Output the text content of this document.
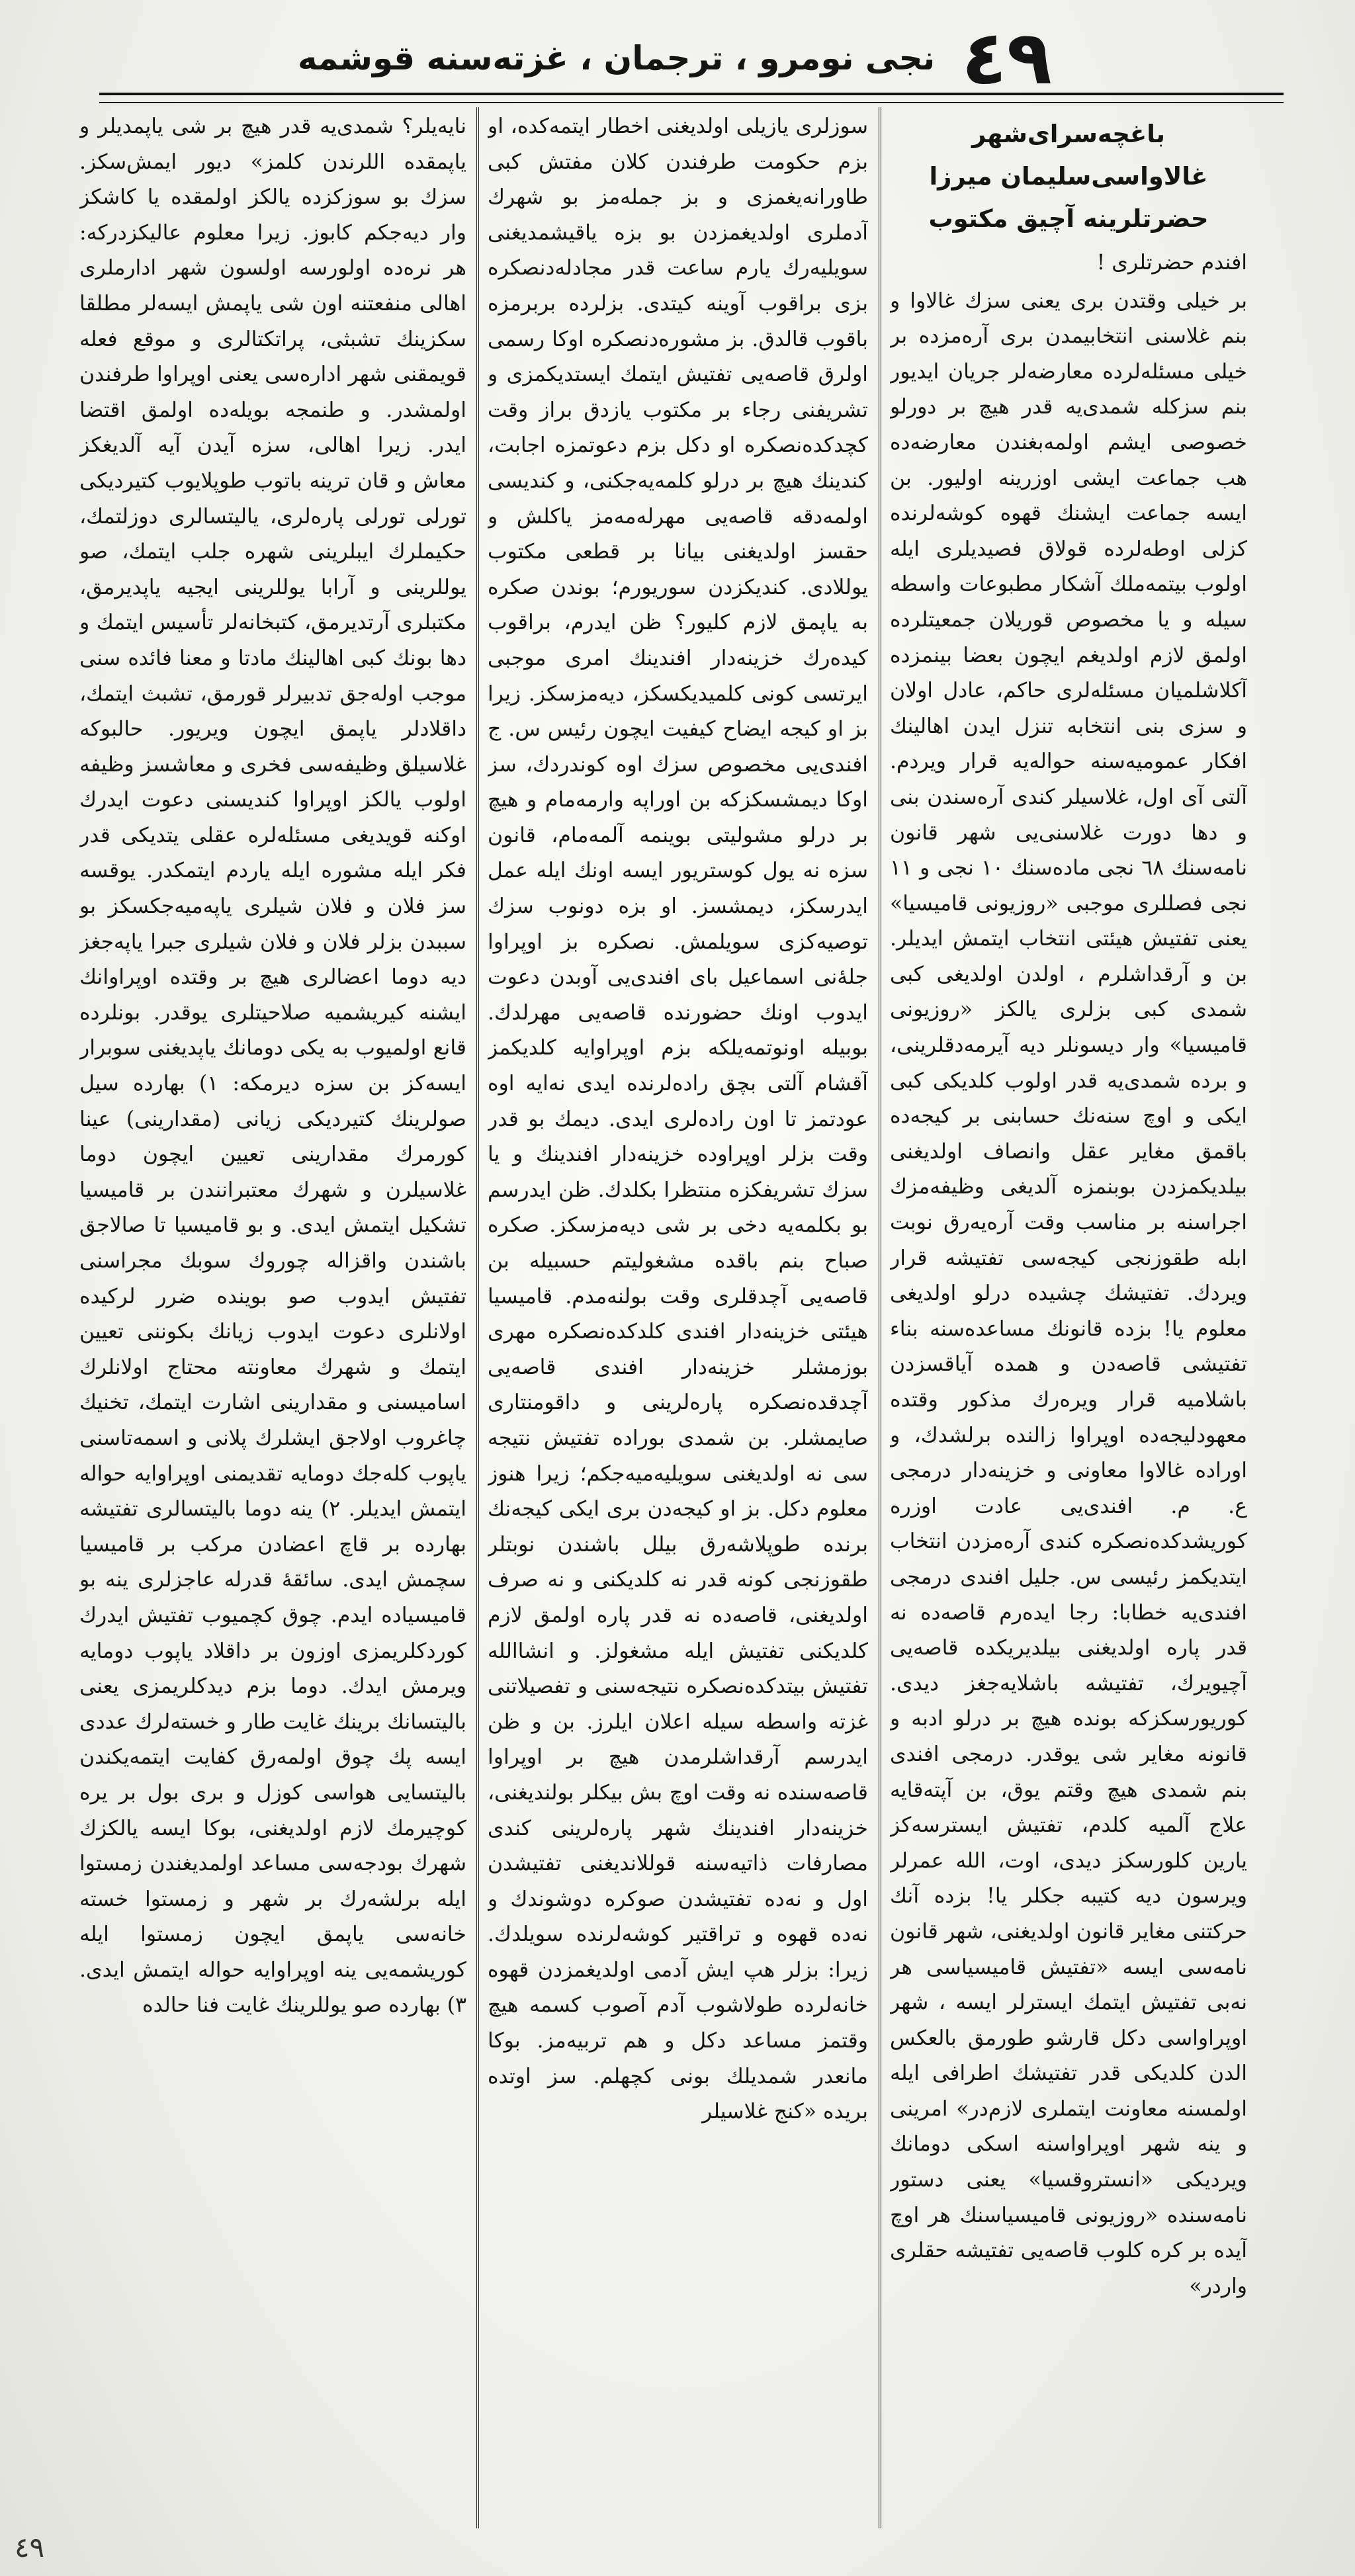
٤٩
نجی نومرو ، ترجمان ، غزته‌سنه قوشمه
باغچه‌سرای‌شهر غالاواسی‌سلیمان میرزا حضرتلرینه آچیق مکتوب
افندم حضرتلری !

بر خیلی وقتدن بری یعنی سزك غالاوا و بنم غلاسنی انتخابیمدن بری آره‌مزده بر خیلی مسئله‌لرده معارضه‌لر جریان ایدیور بنم سزکله شمدی‌یه قدر هیچ بر دورلو خصوصی ایشم اولمه‌بغندن معارضه‌ده هب جماعت ایشی اوزرینه اولیور. بن ایسه جماعت ایشنك قهوه کوشه‌لرنده کزلی اوطه‌لرده قولاق فصیدیلری ایله اولوب بیتمه‌ملك آشکار مطبوعات واسطه سیله و یا مخصوص قوریلان جمعیتلرده اولمق لازم اولدیغم ایچون بعضا بینمزده آکلاشلمیان مسئله‌لری حاکم، عادل اولان و سزی بنی انتخابه تنزل ایدن اهالینك افکار عمومیه‌سنه حواله‌یه قرار ویردم. آلتی آی اول، غلاسیلر کندی آره‌سندن بنی و دها دورت غلاسنی‌یی شهر قانون نامه‌سنك ٦٨ نجی ماده‌سنك ١٠ نجی و ١١ نجی فصللری موجبی «روزیونی قامیسیا» یعنی تفتیش هیئتی انتخاب ایتمش ایدیلر. بن و آرقداشلرم ، اولدن اولدیغی کبی شمدی کبی بزلری یالکز «روزیونی قامیسیا» وار دیسونلر دیه آیرمه‌دقلرینی، و برده شمدی‌یه قدر اولوب کلدیکی کبی ایکی و اوچ سنه‌نك حسابنی بر کیجه‌ده باقمق مغایر عقل وانصاف اولدیغنی بیلدیکمزدن بوبنمزه آلدیغی وظیفه‌مزك اجراسنه بر مناسب وقت آره‌یه‌رق نوبت ابله طقوزنجی کیجه‌سی تفتیشه قرار ویردك. تفتیشك چشیده درلو اولدیغی معلوم یا! بزده قانونك مساعده‌سنه بناء تفتیشی قاصه‌دن و همده آیاقسزدن باشلامیه قرار ویره‌رك مذکور وقتده معهودلیجه‌ده اوپراوا زالنده برلشدك، و اوراده غالاوا معاونی و خزینه‌دار درمجی ع. م. افندی‌یی عادت اوزره کوریشدکده‌نصکره کندی آره‌مزدن انتخاب ایتدیکمز رئیسی س. جلیل افندی درمجی افندی‌یه خطابا: رجا ایده‌رم قاصه‌ده نه قدر پاره اولدیغنی بیلدیریکده قاصه‌یی آچیویرك، تفتیشه باشلایه‌جغز دیدی. کوریورسکزکه بونده هیچ بر درلو ادبه و قانونه مغایر شی یوقدر. درمجی افندی بنم شمدی هیچ وقتم یوق، بن آپته‌قایه علاج آلمیه کلدم، تفتیش ایسترسه‌کز یارین کلورسکز دیدی، اوت، الله عمرلر ویرسون دیه کتیبه جکلر یا! بزده آنك حرکتنی مغایر قانون اولدیغنی، شهر قانون نامه‌سی ایسه «تفتیش قامیسیاسی هر نه‌بی تفتیش ایتمك ایسترلر ایسه ، شهر اوپراواسی دکل قارشو طورمق بالعکس الدن کلدیکی قدر تفتیشك اطرافی ایله اولمسنه معاونت ایتملری لازم‌در» امرینی و ینه شهر اوپراواسنه اسکی دومانك ویردیکی «انستروقسیا» یعنی دستور نامه‌سنده «روزیونی قامیسیاسنك هر اوچ آیده بر کره کلوب قاصه‌یی تفتیشه حقلری واردر»

سوزلری یازیلی اولدیغنی اخطار ایتمه‌کده، او بزم حکومت طرفندن کلان مفتش کبی طاورانه‌یغمزی و بز جمله‌مز بو شهرك آدملری اولدیغمزدن بو بزه یاقیشمدیغنی سویلیه‌رك یارم ساعت قدر مجادله‌دنصکره بزی براقوب آوینه کیتدی. بزلرده بربرمزه باقوب قالدق. بز مشوره‌دنصکره اوکا رسمی اولرق قاصه‌یی تفتیش ایتمك ایستدیکمزی و تشریفنی رجاء بر مکتوب یازدق براز وقت کچدکده‌نصکره او دکل بزم دعوتمزه اجابت، کندینك هیچ بر درلو کلمه‌یه‌جکنی، و کندیسی اولمه‌دقه قاصه‌یی مهرله‌مه‌مز یاکلش و حقسز اولدیغنی بیانا بر قطعی مکتوب یوللادی. کندیکزدن سوریورم؛ بوندن صکره به یاپمق لازم کلیور؟ ظن ایدرم، براقوب کیده‌رك خزینه‌دار افندینك امری موجبی ایرتسی کونی کلمیدیکسکز، دیه‌مزسکز. زیرا بز او کیجه ایضاح کیفیت ایچون رئیس س. ج افندی‌یی مخصوص سزك اوه کوندردك، سز اوکا دیمشسکزکه بن اوراپه وارمه‌مام و هیچ بر درلو مشولیتی بوینمه آلمه‌مام، قانون سزه نه یول کوستریور ایسه اونك ایله عمل ایدرسکز، دیمشسز. او بزه دونوب سزك توصیه‌کزی سویلمش. نصکره بز اوپراوا جلهٔ‌نی اسماعیل بای افندی‌یی آوبدن دعوت ایدوب اونك حضورنده قاصه‌یی مهرلدك. بوبیله اونوتمه‌یلکه بزم اوپراوایه کلدیکمز آقشام آلتی بچق راده‌لرنده ایدی نه‌ایه اوه عودتمز تا اون راده‌لری ایدی. دیمك بو قدر وقت بزلر اوپراوده خزینه‌دار افندینك و یا سزك تشریفکزه منتظرا بکلدك. ظن ایدرسم بو بکلمه‌یه دخی بر شی دیه‌مزسکز. صکره صباح بنم باقده مشغولیتم حسبیله بن قاصه‌یی آچدقلری وقت بولنه‌مدم. قامیسیا هیئتی خزینه‌دار افندی کلدکده‌نصکره مهری بوزمشلر خزینه‌دار افندی قاصه‌یی آچدقده‌نصکره پاره‌لرینی و داقومنتاری صایمشلر. بن شمدی بوراده تفتیش نتیجه سی نه اولدیغنی سویلیه‌میه‌جکم؛ زیرا هنوز معلوم دکل. بز او کیجه‌دن بری ایکی کیجه‌نك برنده طوپلاشه‌رق بیلل باشندن نوبتلر طقوزنجی کونه قدر نه کلدیکنی و نه صرف اولدیغنی، قاصه‌ده نه قدر پاره اولمق لازم کلدیکنی تفتیش ایله مشغولز. و انشاالله تفتیش بیتدکده‌نصکره نتیجه‌سنی و تفصیلاتنی غزته واسطه سیله اعلان ایلرز. بن و ظن ایدرسم آرقداشلرمدن هیچ بر اوپراوا قاصه‌سنده نه وقت اوچ بش بیکلر بولندیغنی، خزینه‌دار افندینك شهر پاره‌لرینی کندی مصارفات ذاتیه‌سنه قوللاندیغنی تفتیشدن اول و نه‌ده تفتیشدن صوکره دوشوندك و نه‌ده قهوه و تراقتیر کوشه‌لرنده سویلدك. زیرا: بزلر هپ ایش آدمی اولدیغمزدن قهوه خانه‌لرده طولاشوب آدم آصوب کسمه هیچ وقتمز مساعد دکل و هم تربیه‌مز. بوکا مانعدر شمدیلك بونی کچهلم. سز اوتده بریده «کنج غلاسیلر

نایه‌یلر؟ شمدی‌یه قدر هیچ بر شی یاپمدیلر و یاپمقده اللرندن کلمز» دیور ایمش‌سکز. سزك بو سوزکزده یالکز اولمقده یا کاشکز وار دیه‌جکم کابوز. زیرا معلوم عالیکزدرکه: هر نره‌ده اولورسه اولسون شهر ادارملری اهالی منفعتنه اون شی یاپمش ایسه‌لر مطلقا سکزینك تشبثی، پراتکتالری و موقع فعله قویمقنی شهر اداره‌سی یعنی اوپراوا طرفندن اولمشدر. و طنمجه بویله‌ده اولمق اقتضا ایدر. زیرا اهالی، سزه آیدن آیه آلدیغکز معاش و قان ترینه باتوب طوپلایوب کتیردیکی تورلی تورلی پاره‌لری، یالیتسالری دوزلتمك، حکیملرك ایبلرینی شهره جلب ایتمك، صو یوللرینی و آرابا یوللرینی ایجیه یاپدیرمق، مکتبلری آرتدیرمق، کتبخانه‌لر تأسیس ایتمك و دها بونك کبی اهالینك مادتا و معنا فائده سنی موجب اوله‌جق تدبیرلر قورمق، تشبث ایتمك، داقلادلر یاپمق ایچون ویریور. حالبوکه غلاسیلق وظیفه‌سی فخری و معاشسز وظیفه اولوب یالکز اوپراوا کندیسنی دعوت ایدرك اوکنه قویدیغی مسئله‌لره عقلی یتدیکی قدر فکر ایله مشوره ایله یاردم ایتمکدر. یوقسه سز فلان و فلان شیلری یاپه‌میه‌جکسکز بو سببدن بزلر فلان و فلان شیلری جبرا یاپه‌جغز دیه دوما اعضالری هیچ بر وقتده اوپراوانك ایشنه کیریشمیه صلاحیتلری یوقدر. بونلرده قانع اولمیوب به یکی دومانك یاپدیغنی سوبرار ایسه‌کز بن سزه دیرمکه: ١) بهارده سیل صولرینك کتیردیکی زیانی (مقدارینی) عینا کورمرك مقدارینی تعیین ایچون دوما غلاسیلرن و شهرك معتبرانندن بر قامیسیا تشکیل ایتمش ایدی. و بو قامیسیا تا صالاجق باشندن واقزاله چوروك سوبك مجراسنی تفتیش ایدوب صو بوینده ضرر لرکیده اولانلری دعوت ایدوب زیانك بکوننی تعیین ایتمك و شهرك معاونته محتاج اولانلرك اسامیسنی و مقدارینی اشارت ایتمك، تخنیك چاغروب اولاجق ایشلرك پلانی و اسمه‌تاسنی یاپوب کله‌جك دومایه تقدیمنی اوپراوایه حواله ایتمش ایدیلر. ٢) ینه دوما بالیتسالری تفتیشه بهارده بر قاچ اعضادن مرکب بر قامیسیا سچمش ایدی. سائقهٔ قدرله عاجزلری ینه بو قامیسیاده ایدم. چوق کچمیوب تفتیش ایدرك کوردکلریمزی اوزون بر داقلاد یاپوب دومایه ویرمش ایدك. دوما بزم دیدکلریمزی یعنی بالیتسانك برینك غایت طار و خسته‌لرك عددی ایسه پك چوق اولمه‌رق کفایت ایتمه‌یکندن بالیتسایی هواسی کوزل و بری بول بر یره کوچیرمك لازم اولدیغنی، بوکا ایسه یالکزك شهرك بودجه‌سی مساعد اولمدیغندن زمستوا ایله برلشه‌رك بر شهر و زمستوا خسته خانه‌سی یاپمق ایچون زمستوا ایله کوریشمه‌یی ینه اوپراوایه حواله ایتمش ایدی. ٣) بهارده صو یوللرینك غایت فنا حالده

٤٩
